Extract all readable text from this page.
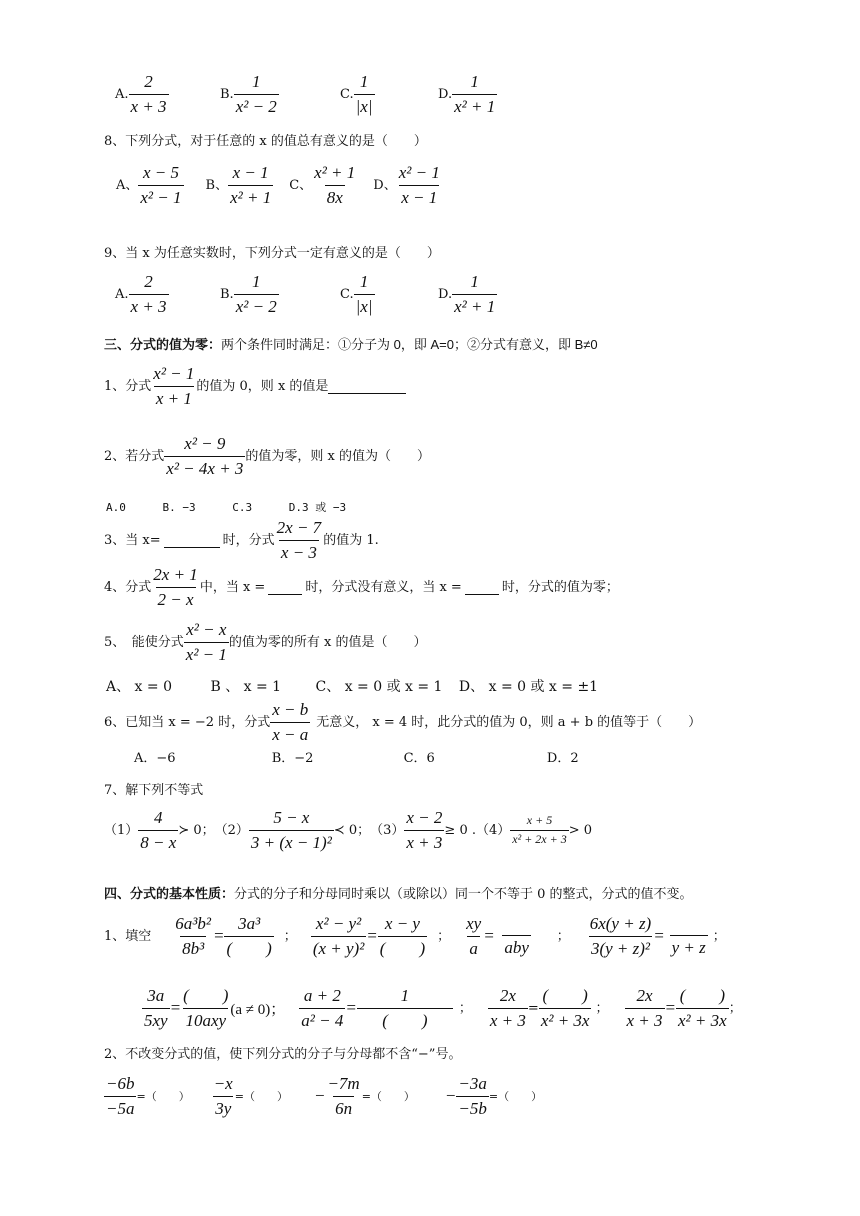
A. $\frac{2}{x + 3}$	B. $\frac{1}{\text{x² − 2}}$	C. $\frac{1}{|x|}$	D. $\frac{1}{\text{x² + 1}}$
8、下列分式，对于任意的 x 的值总有意义的是（　　）
A、 $\frac{x - 5}{\text{x² − 1}}$ B、 $\frac{x - 1}{\text{x² + 1}}$ C、 $\frac{\text{x² + 1}}{8x}$ D、 $\frac{\text{x² − 1}}{x - 1}$
9、当 x 为任意实数时，下列分式一定有意义的是（　　）
A. $\frac{2}{x + 3}$	B. $\frac{1}{\text{x² − 2}}$	C. $\frac{1}{|x|}$	D. $\frac{1}{\text{x² + 1}}$
三、分式的值为零：两个条件同时满足：①分子为 0，即 A=0；②分式有意义，即 B≠0
1、分式 $\frac{\text{x² − 1}}{x + 1}$ 的值为 0，则 x 的值是
2、若分式 $\frac{\text{x² − 9}}{\text{x² − 4x + 3}}$ 的值为零，则 x 的值为（　　）
A.0	B. −3	C.3	D.3 或 −3
3、当 x=	时，分式 $\frac{2x - 7}{x - 3}$ 的值为 1.
4、分式 $\frac{2x + 1}{2 - x}$ 中，当 x =	时，分式没有意义，当 x =	时，分式的值为零；
5、　能使分式 $\frac{\text{x² − x}}{\text{x² − 1}}$ 的值为零的所有 x 的值是（　　）
A、 x = 0	B 、 x = 1 C、 x = 0 或 x = 1 D、 x = 0 或 x = ±1
6、已知当 x = −2 时，分式 $\frac{x - b}{x - a}$ 无意义， x = 4 时，此分式的值为 0，则 a + b 的值等于（　　）
A．−6	B．−2	C．6	D．2
7、解下列不等式
$(1) \frac{4}{8 - x}$ ≻ 0； $(2) \frac{5 - x}{\text{3 + (x − 1)²}}$ ≺ 0； $(3) \frac{x - 2}{x + 3} \ge 0$ . $(4) \frac{x + 5}{\text{x² + 2x + 3}} > 0$
四、分式的基本性质：分式的分子和分母同时乘以（或除以）同一个不等于 0 的整式，分式的值不变。
1、填空 $\frac{\text{6a³b²}}{\text{8b³}} = \frac{\text{3a³}}{( )}$ ； $\frac{\text{x² − y²}}{\text{(x + y)²}} = \frac{x - y}{( )}$ ； $\frac{xy}{a}$ =
aby
； $\frac{6x(y + z)}{\text{3(y + z)²}}$ =
y + z
；
$\frac{3a}{5xy} = \frac{( )}{\text{10axy}} (a \ne 0)$； $\frac{a + 2}{\text{a² − 4}} = \frac{1}{( )}$ ； $\frac{2x}{x + 3} = \frac{( )}{\text{x² + 3x}}$ ； $\frac{2x}{x + 3} = \frac{( )}{\text{x² + 3x}}$ ；
2、不改变分式的值，使下列分式的分子与分母都不含“−”号。
$\frac{-6b}{-5a}$ =（　　） $\frac{-x}{3y}$ =（　　） − $\frac{-7m}{6n}$ =（　　） − $\frac{-3a}{-5b}$ =（　　）
